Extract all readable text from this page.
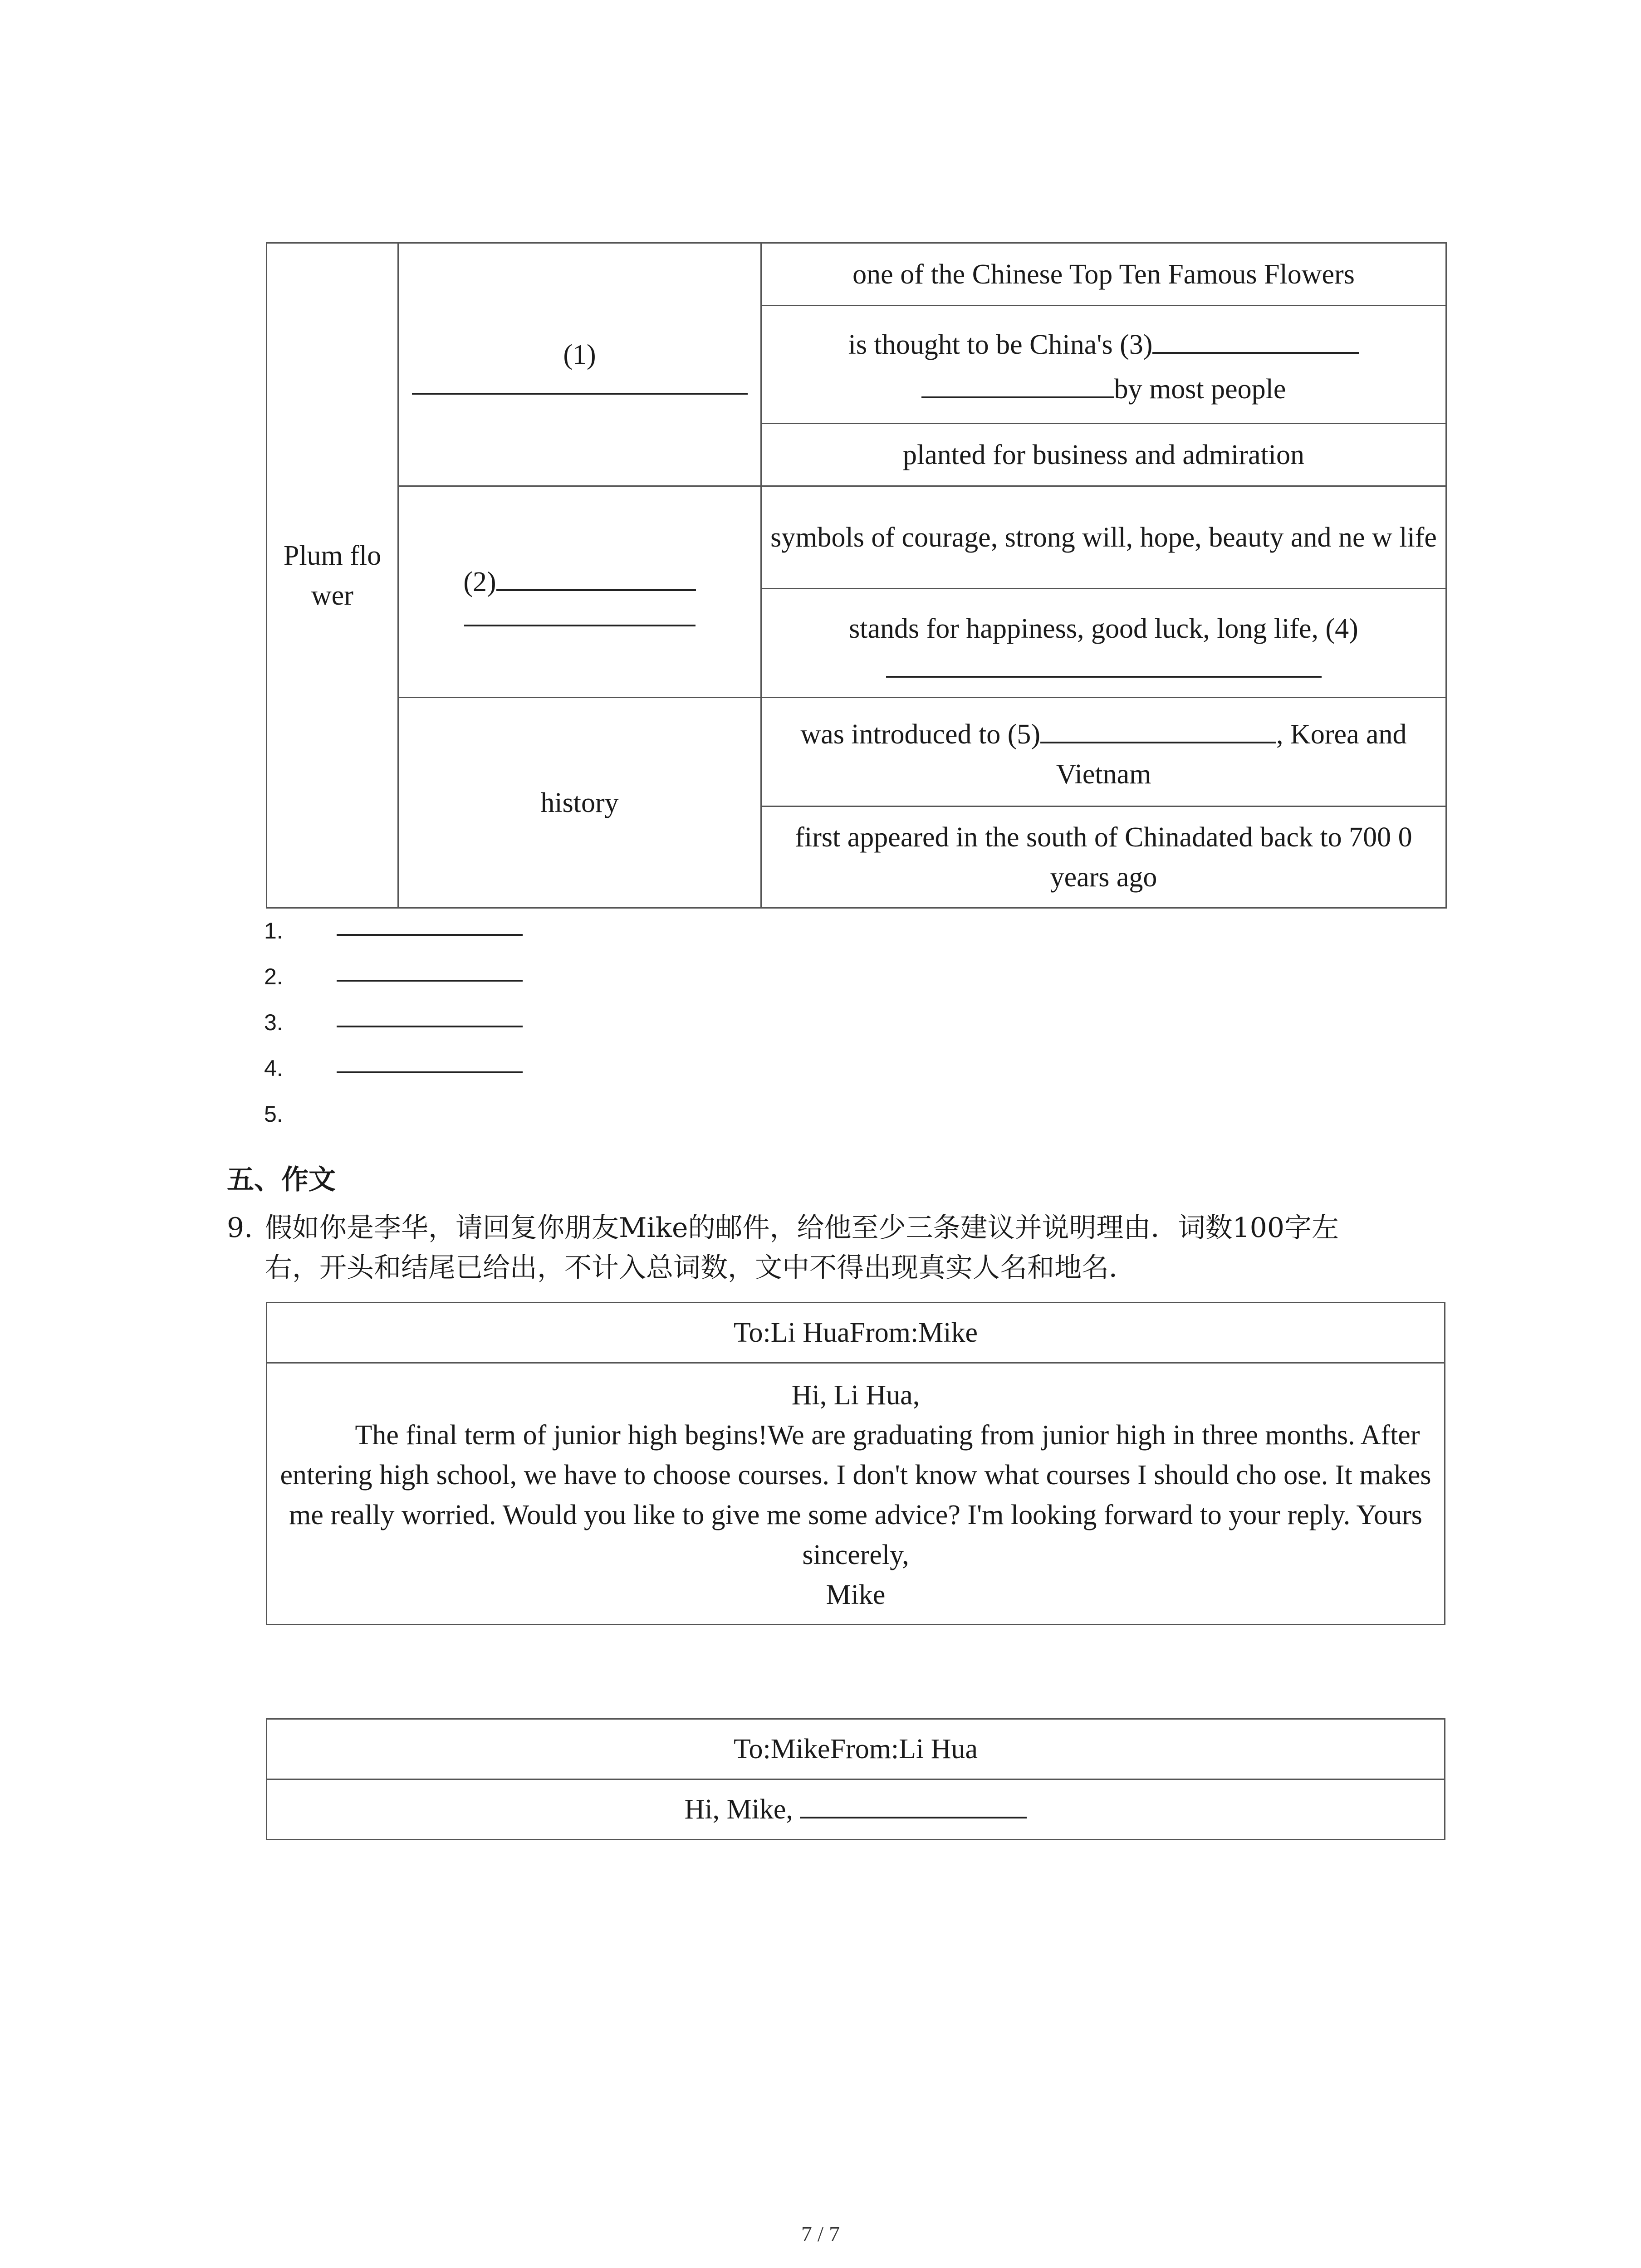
Plum flo wer	(1)	one of the Chinese Top Ten Famous Flowers
		is thought to be China's (3)
by most people
		planted for business and admiration

	(2)	symbols of courage, strong will, hope, beauty and ne w life

		stands for happiness, good luck, long life, (4)

	history	was introduced to (5) , Korea and Vietnam
		first appeared in the south of Chinadated back to 700 0 years ago
1.
2.
3.
4.
5.
五、作文
9. 假如你是李华，请回复你朋友Mike的邮件，给他至少三条建议并说明理由．词数100字左
右，开头和结尾已给出，不计入总词数，文中不得出现真实人名和地名．
To:Li HuaFrom:Mike

Hi, Li Hua,
The final term of junior high begins!We are graduating from junior high in three months. After entering high school, we have to choose courses. I don't know what courses I should cho ose. It makes me really worried. Would you like to give me some advice? I'm looking forward to your reply. Yours sincerely,
Mike
To:MikeFrom:Li Hua
Hi, Mike,
7 / 7
